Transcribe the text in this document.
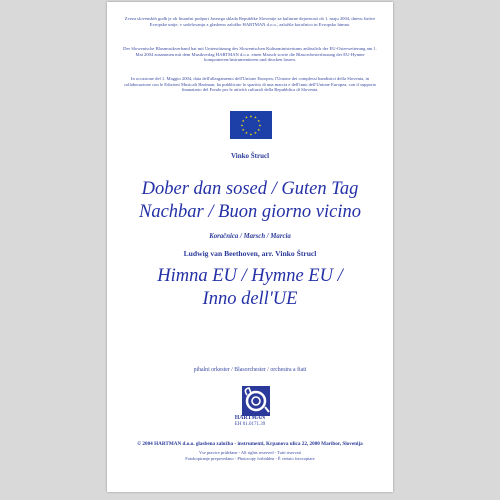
Zvezа slovenskih godb je ob finančni podpori Javnega sklada Republike Slovenije za kulturne dejavnosti ob 1. maju 2004, dnevu širitve Evropske unije, v sodelovanju z glasbeno založbo HARTMAN d.o.o., založila koračnico in Evropsko himno.
Der Slowenische Blasmusikverband hat mit Unterstützung des Slowenischen Kulturministeriums anlässlich der EU-Osterweiterung am 1. Mai 2004 zusammen mit dem Musikverlag HARTMAN d.o.o. einen Marsch sowie die Blasorchesterfassung der EU-Hymne komponieren/instrumentieren und drucken lassen.
In occasione del 1. Maggio 2004, data dell'allargamento dell'Unione Europea, l'Unione dei complessi bandistici della Slovenia, in collaborazione con le Edizioni Musicali Hartman, ha pubblicato lo spartito di una marcia e dell'inno dell'Unione Europea, con il supporto finanziario del Fondo per le attività culturali della Repubblica di Slovenia.
★ ★
★
★
★
★
★
★
★
★
★
★
Vinko Štrucl
Dober dan sosed / Guten Tag
Nachbar / Buon giorno vicino
Koračnica / Marsch / Marcia
Ludwig van Beethoven, arr. Vinko Štrucl
Himna EU / Hymne EU /
Inno dell'UE
pihalni orkester / Blasorchester / orchestra a fiati
HARTMAN
EH 01.0171.39
© 2004 HARTMAN d.o.o. glasbena založba - instrumenti, Krpanova ulica 22, 2000 Maribor, Slovenija
Vse pravice pridržane - All rights reserved - Tutti riservati
Fotokopiranje prepovedano - Photocopy forbidden - È vietato fotocopiare
